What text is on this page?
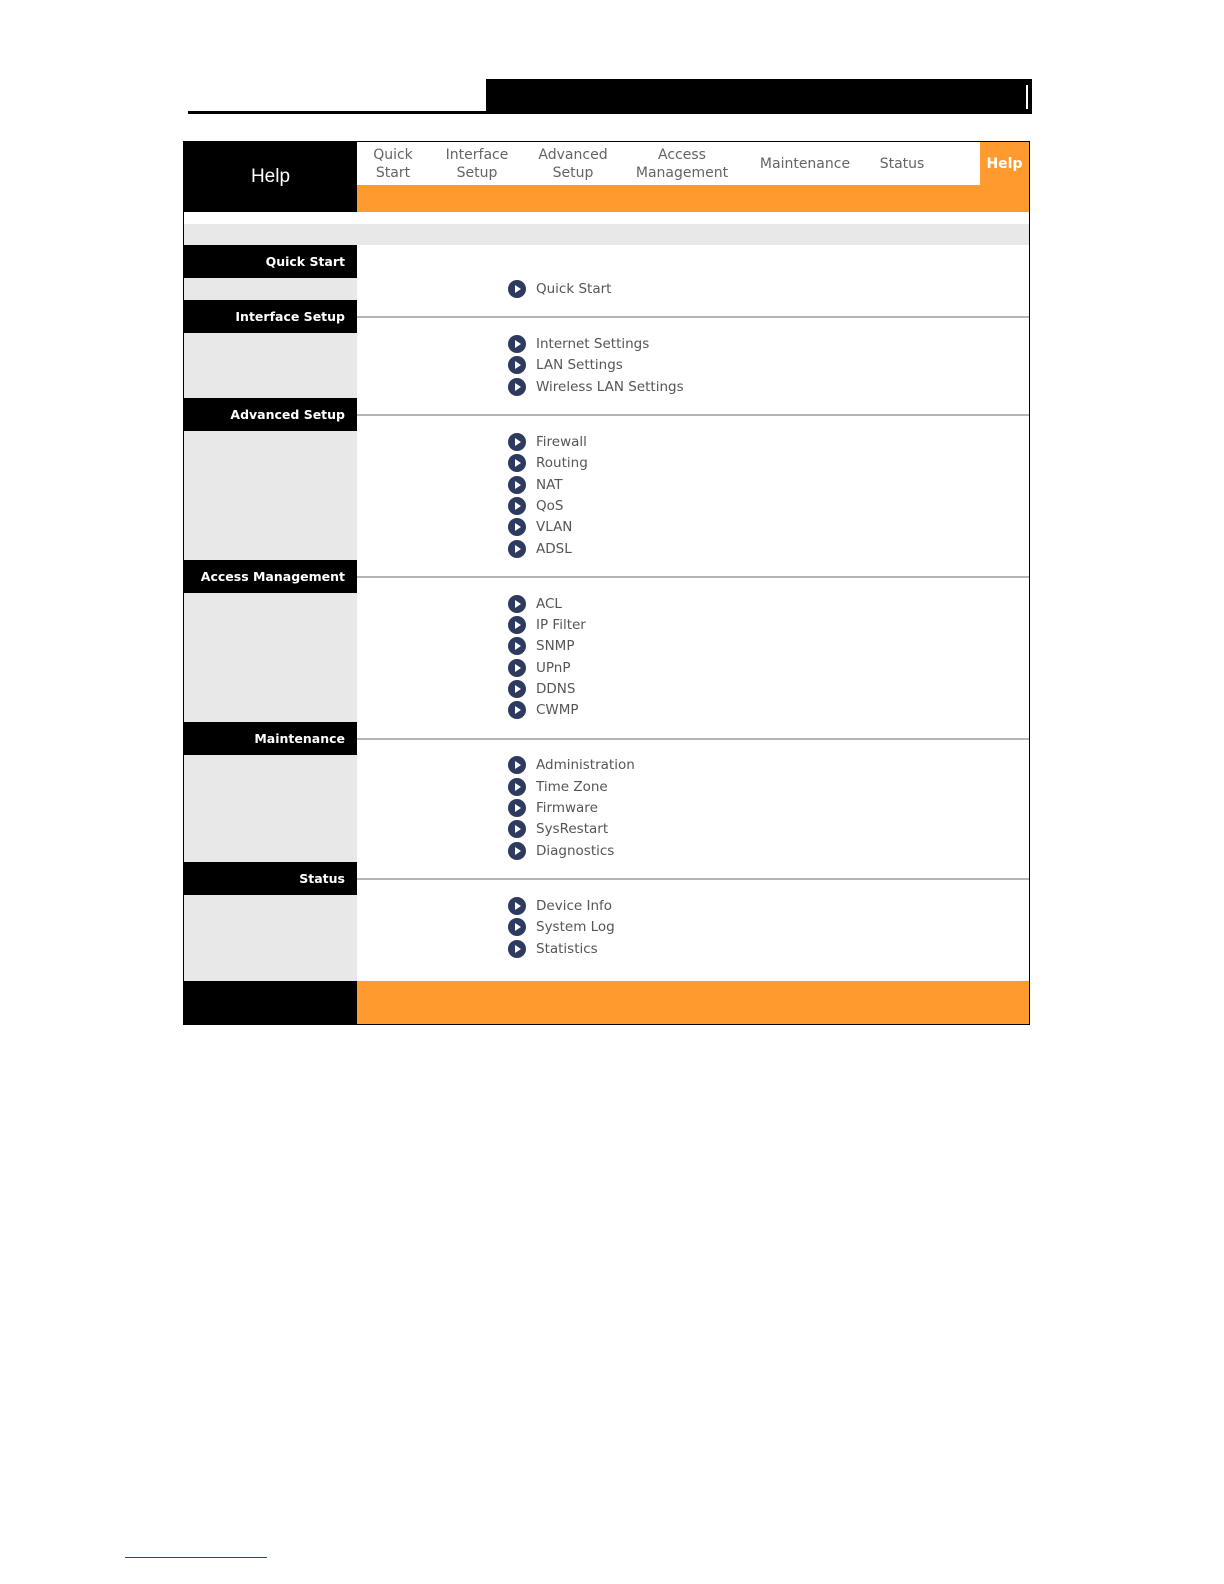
Help
Quick
Start
Interface
Setup
Advanced
Setup
Access
Management
Maintenance	Status	Help
Quick Start
Quick Start
Interface Setup
Internet Settings
LAN Settings
Wireless LAN Settings
Advanced Setup
Firewall
Routing
NAT
QoS
VLAN
ADSL
Access Management
ACL
IP Filter
SNMP
UPnP
DDNS
CWMP
Maintenance
Administration
Time Zone
Firmware
SysRestart
Diagnostics
Status
Device Info
System Log
Statistics
